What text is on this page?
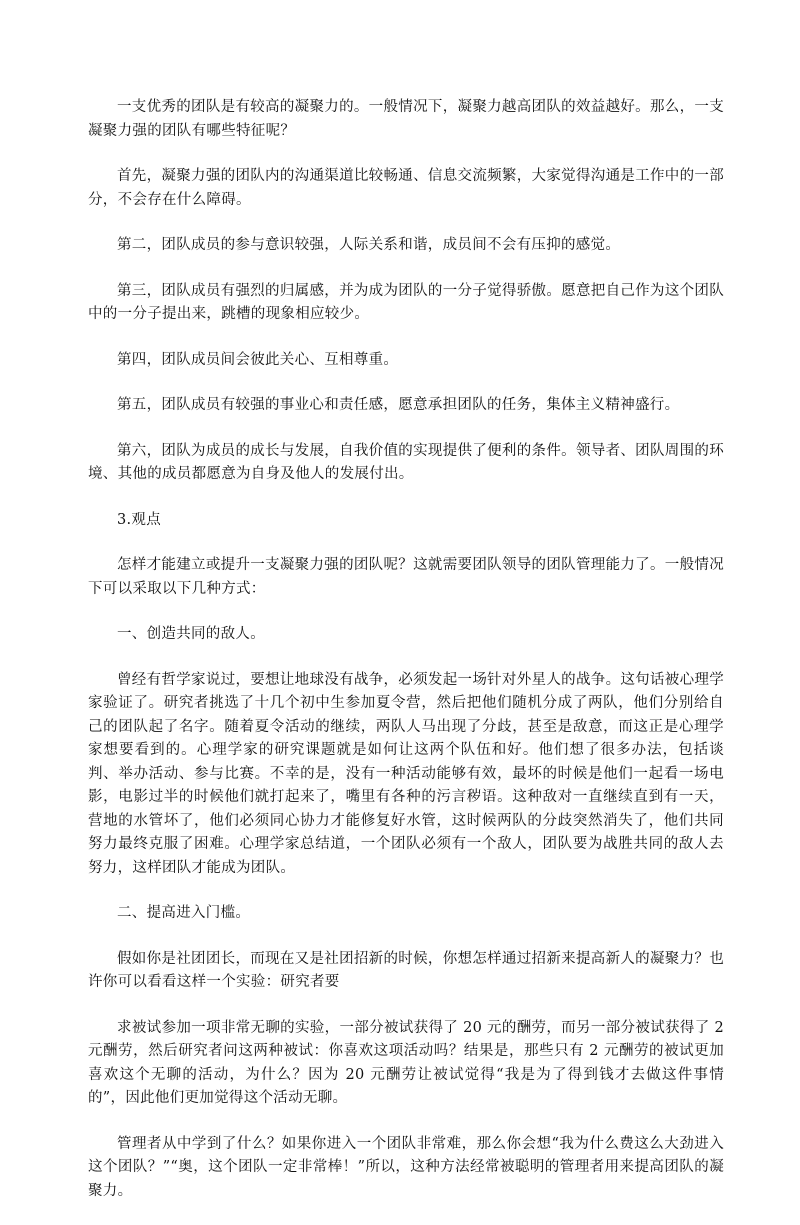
一支优秀的团队是有较高的凝聚力的。一般情况下，凝聚力越高团队的效益越好。那么，一支凝聚力强的团队有哪些特征呢？

首先，凝聚力强的团队内的沟通渠道比较畅通、信息交流频繁，大家觉得沟通是工作中的一部分，不会存在什么障碍。

第二，团队成员的参与意识较强，人际关系和谐，成员间不会有压抑的感觉。

第三，团队成员有强烈的归属感，并为成为团队的一分子觉得骄傲。愿意把自己作为这个团队中的一分子提出来，跳槽的现象相应较少。

第四，团队成员间会彼此关心、互相尊重。

第五，团队成员有较强的事业心和责任感，愿意承担团队的任务，集体主义精神盛行。

第六，团队为成员的成长与发展，自我价值的实现提供了便利的条件。领导者、团队周围的环境、其他的成员都愿意为自身及他人的发展付出。

3.观点

怎样才能建立或提升一支凝聚力强的团队呢？这就需要团队领导的团队管理能力了。一般情况下可以采取以下几种方式：

一、创造共同的敌人。

曾经有哲学家说过，要想让地球没有战争，必须发起一场针对外星人的战争。这句话被心理学家验证了。研究者挑选了十几个初中生参加夏令营，然后把他们随机分成了两队，他们分别给自己的团队起了名字。随着夏令活动的继续，两队人马出现了分歧，甚至是敌意，而这正是心理学家想要看到的。心理学家的研究课题就是如何让这两个队伍和好。他们想了很多办法，包括谈判、举办活动、参与比赛。不幸的是，没有一种活动能够有效，最坏的时候是他们一起看一场电影，电影过半的时候他们就打起来了，嘴里有各种的污言秽语。这种敌对一直继续直到有一天，营地的水管坏了，他们必须同心协力才能修复好水管，这时候两队的分歧突然消失了，他们共同努力最终克服了困难。心理学家总结道，一个团队必须有一个敌人，团队要为战胜共同的敌人去努力，这样团队才能成为团队。

二、提高进入门槛。

假如你是社团团长，而现在又是社团招新的时候，你想怎样通过招新来提高新人的凝聚力？也许你可以看看这样一个实验：研究者要

求被试参加一项非常无聊的实验，一部分被试获得了 20 元的酬劳，而另一部分被试获得了 2 元酬劳，然后研究者问这两种被试：你喜欢这项活动吗？结果是，那些只有 2 元酬劳的被试更加喜欢这个无聊的活动，为什么？因为 20 元酬劳让被试觉得“我是为了得到钱才去做这件事情的”，因此他们更加觉得这个活动无聊。

管理者从中学到了什么？如果你进入一个团队非常难，那么你会想“我为什么费这么大劲进入这个团队？”“奥，这个团队一定非常棒！”所以，这种方法经常被聪明的管理者用来提高团队的凝聚力。
